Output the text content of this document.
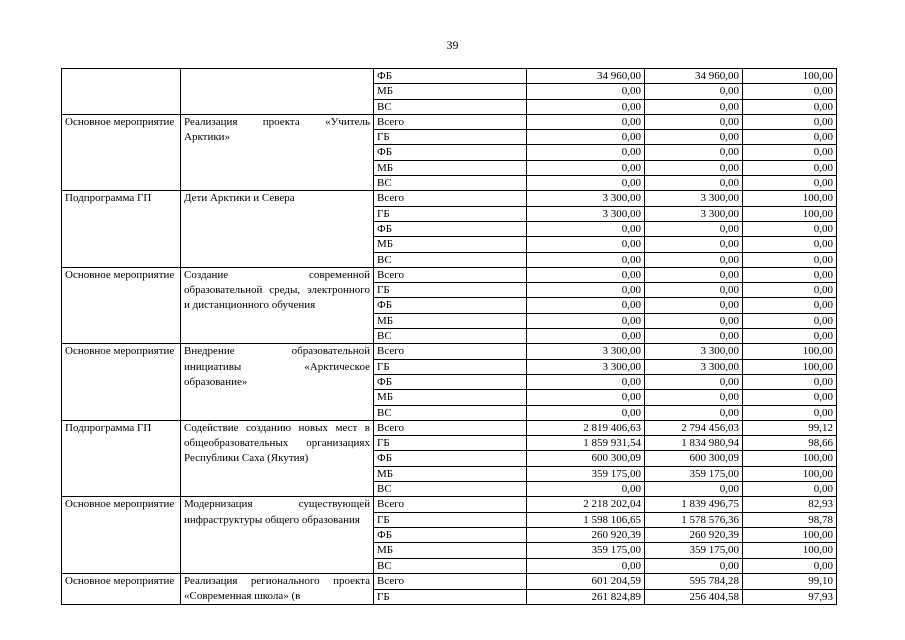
39
		ФБ	34 960,00	34 960,00	100,00
		МБ	0,00	0,00	0,00
		ВС	0,00	0,00	0,00
Основное мероприятие	Реализация проекта «Учитель Арктики»	Всего	0,00	0,00	0,00
		ГБ	0,00	0,00	0,00
		ФБ	0,00	0,00	0,00
		МБ	0,00	0,00	0,00
		ВС	0,00	0,00	0,00
Подпрограмма ГП	Дети Арктики и Севера	Всего	3 300,00	3 300,00	100,00
		ГБ	3 300,00	3 300,00	100,00
		ФБ	0,00	0,00	0,00
		МБ	0,00	0,00	0,00
		ВС	0,00	0,00	0,00
Основное мероприятие	Создание современной образовательной среды, электронного и дистанционного обучения	Всего	0,00	0,00	0,00
		ГБ	0,00	0,00	0,00
		ФБ	0,00	0,00	0,00
		МБ	0,00	0,00	0,00
		ВС	0,00	0,00	0,00
Основное мероприятие	Внедрение образовательной инициативы «Арктическое образование»	Всего	3 300,00	3 300,00	100,00
		ГБ	3 300,00	3 300,00	100,00
		ФБ	0,00	0,00	0,00
		МБ	0,00	0,00	0,00
		ВС	0,00	0,00	0,00
Подпрограмма ГП	Содействие созданию новых мест в общеобразовательных организациях Республики Саха (Якутия)	Всего	2 819 406,63	2 794 456,03	99,12
		ГБ	1 859 931,54	1 834 980,94	98,66
		ФБ	600 300,09	600 300,09	100,00
		МБ	359 175,00	359 175,00	100,00
		ВС	0,00	0,00	0,00
Основное мероприятие	Модернизация существующей инфраструктуры общего образования	Всего	2 218 202,04	1 839 496,75	82,93
		ГБ	1 598 106,65	1 578 576,36	98,78
		ФБ	260 920,39	260 920,39	100,00
		МБ	359 175,00	359 175,00	100,00
		ВС	0,00	0,00	0,00
Основное мероприятие	Реализация регионального проекта «Современная школа» (в	Всего	601 204,59	595 784,28	99,10
		ГБ	261 824,89	256 404,58	97,93
